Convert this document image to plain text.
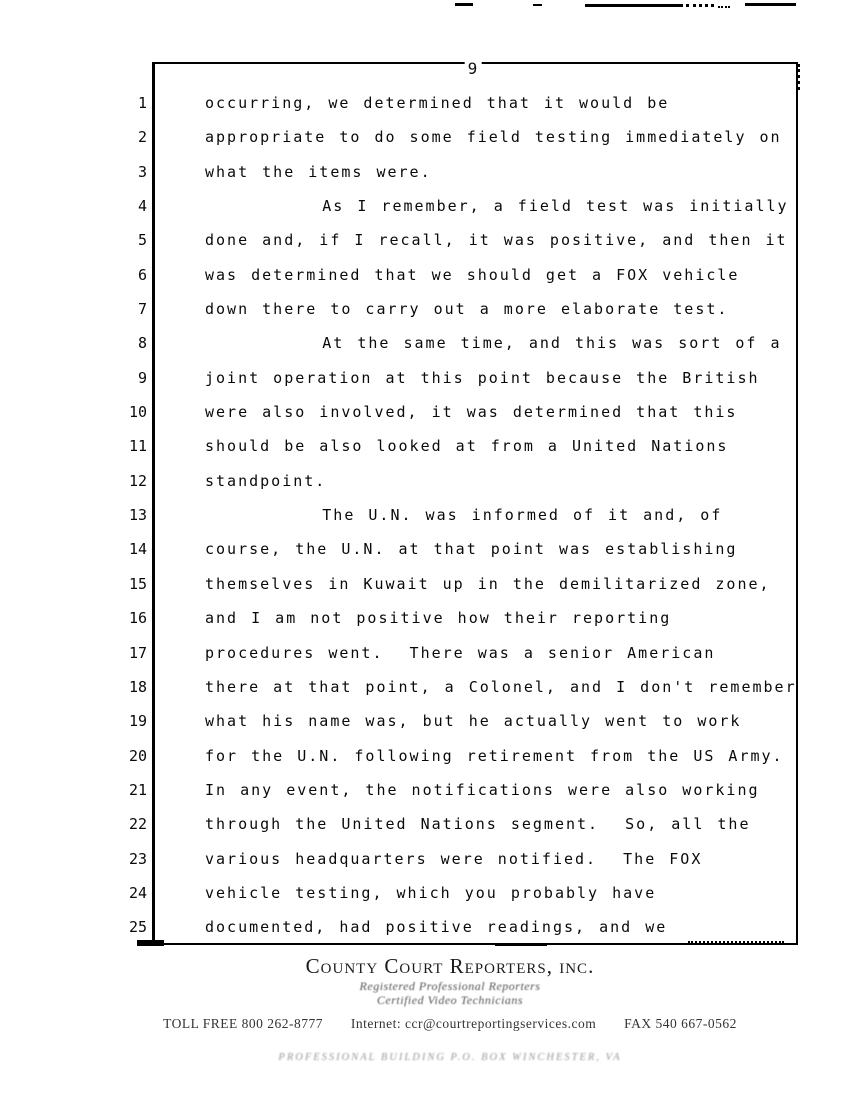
9
1	occurring, we determined that it would be
2	appropriate to do some field testing immediately on
3	what the items were.
4	As I remember, a field test was initially
5	done and, if I recall, it was positive, and then it
6	was determined that we should get a FOX vehicle
7	down there to carry out a more elaborate test.
8	At the same time, and this was sort of a
9	joint operation at this point because the British
10	were also involved, it was determined that this
11	should be also looked at from a United Nations
12	standpoint.
13	The U.N. was informed of it and, of
14	course, the U.N. at that point was establishing
15	themselves in Kuwait up in the demilitarized zone,
16	and I am not positive how their reporting
17	procedures went.  There was a senior American
18	there at that point, a Colonel, and I don't remember
19	what his name was, but he actually went to work
20	for the U.N. following retirement from the US Army.
21	In any event, the notifications were also working
22	through the United Nations segment.  So, all the
23	various headquarters were notified.  The FOX
24	vehicle testing, which you probably have
25	documented, had positive readings, and we
County Court Reporters, inc.
Registered Professional Reporters
Certified Video Technicians
TOLL FREE 800 262-8777 Internet: ccr@courtreportingservices.com FAX 540 667-0562
PROFESSIONAL BUILDING P.O. BOX WINCHESTER, VA
